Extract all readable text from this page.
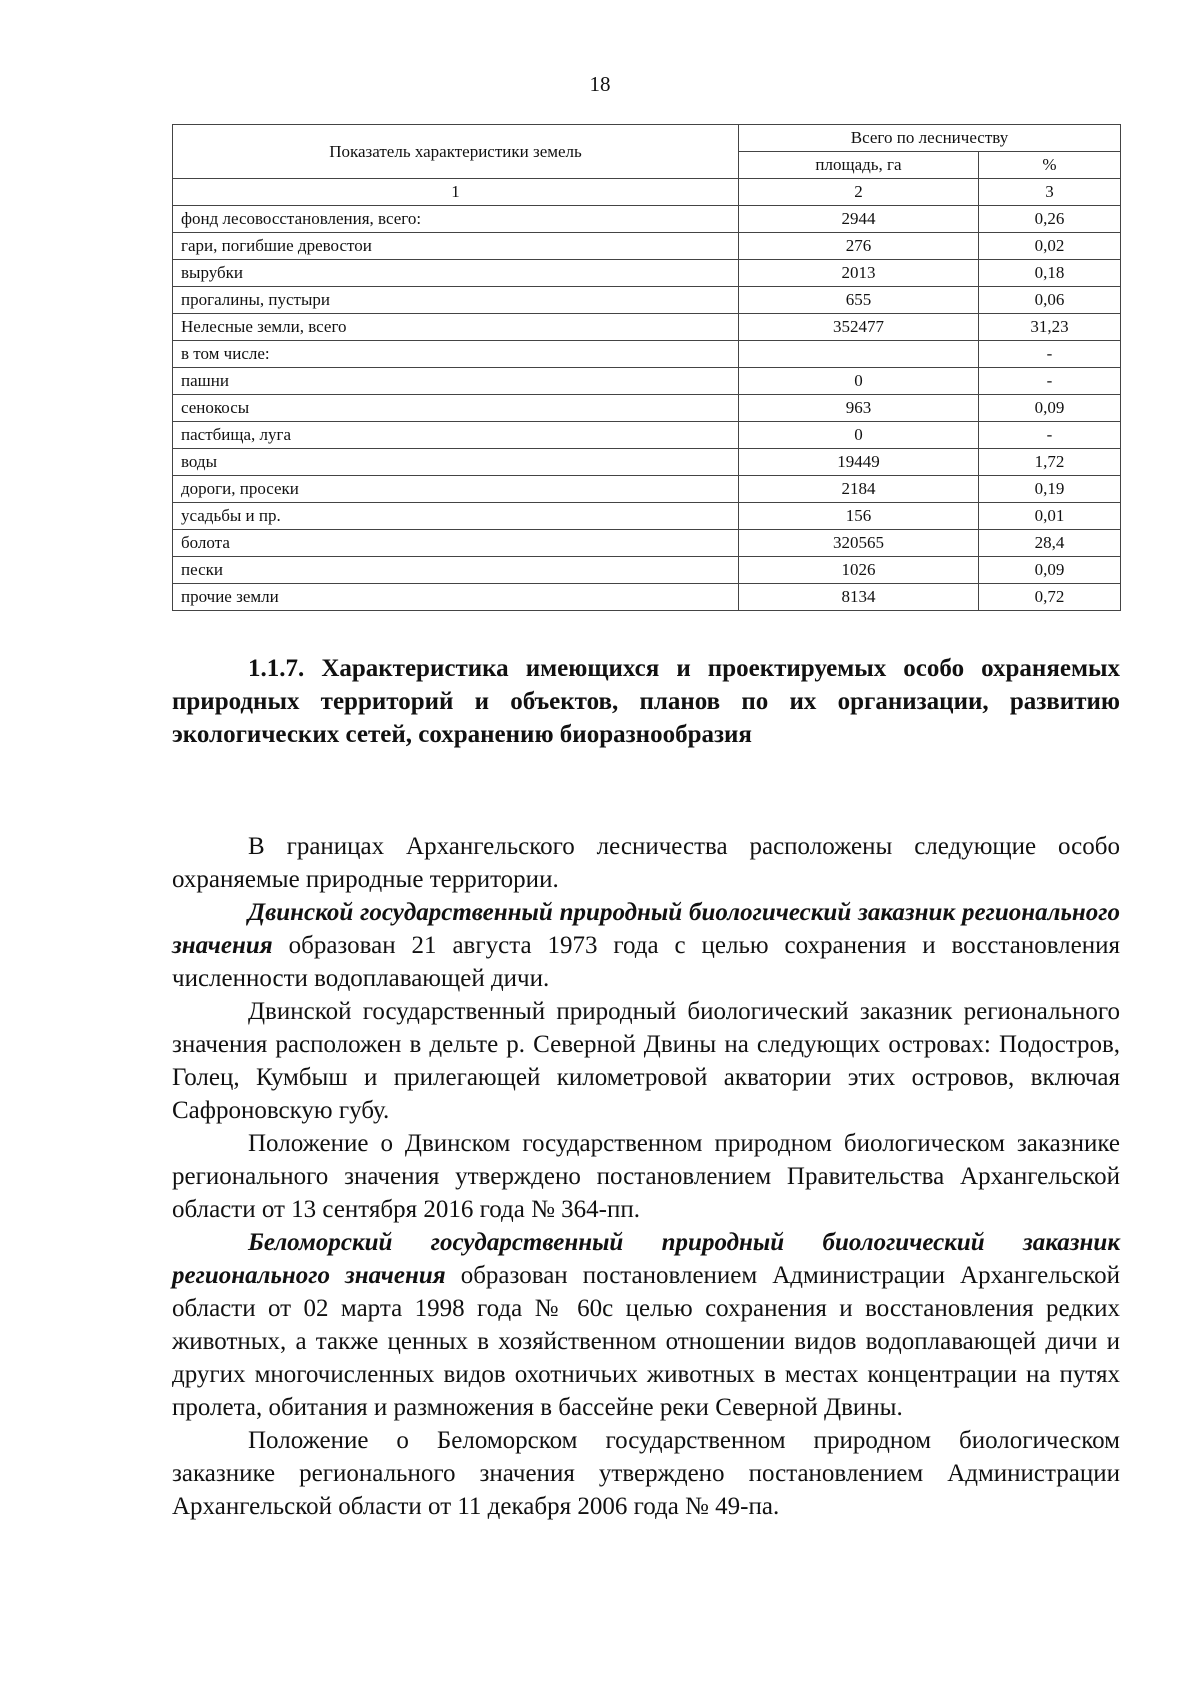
18
Показатель характеристики земель	Всего по лесничеству	
	площадь, га	%
1	2	3
фонд лесовосстановления, всего:	2944	0,26
гари, погибшие древостои	276	0,02
вырубки	2013	0,18
прогалины, пустыри	655	0,06
Нелесные земли, всего	352477	31,23
в том числе:		-
пашни	0	-
сенокосы	963	0,09
пастбища, луга	0	-
воды	19449	1,72
дороги, просеки	2184	0,19
усадьбы и пр.	156	0,01
болота	320565	28,4
пески	1026	0,09
прочие земли	8134	0,72
1.1.7. Характеристика имеющихся и проектируемых особо охраняемых природных территорий и объектов, планов по их организации, развитию экологических сетей, сохранению биоразнообразия

В границах Архангельского лесничества расположены следующие особо охраняемые природные территории.

Двинской государственный природный биологический заказник регионального значения образован 21 августа 1973 года с целью сохранения и восстановления численности водоплавающей дичи.

Двинской государственный природный биологический заказник регионального значения расположен в дельте р. Северной Двины на следующих островах: Подостров, Голец, Кумбыш и прилегающей километровой акватории этих островов, включая Сафроновскую губу.

Положение о Двинском государственном природном биологическом заказнике регионального значения утверждено постановлением Правительства Архангельской области от 13 сентября 2016 года № 364-пп.

Беломорский государственный природный биологический заказник регионального значения образован постановлением Администрации Архангельской области от 02 марта 1998 года № 60с целью сохранения и восстановления редких животных, а также ценных в хозяйственном отношении видов водоплавающей дичи и других многочисленных видов охотничьих животных в местах концентрации на путях пролета, обитания и размножения в бассейне реки Северной Двины.

Положение о Беломорском государственном природном биологическом заказнике регионального значения утверждено постановлением Администрации Архангельской области от 11 декабря 2006 года № 49-па.
